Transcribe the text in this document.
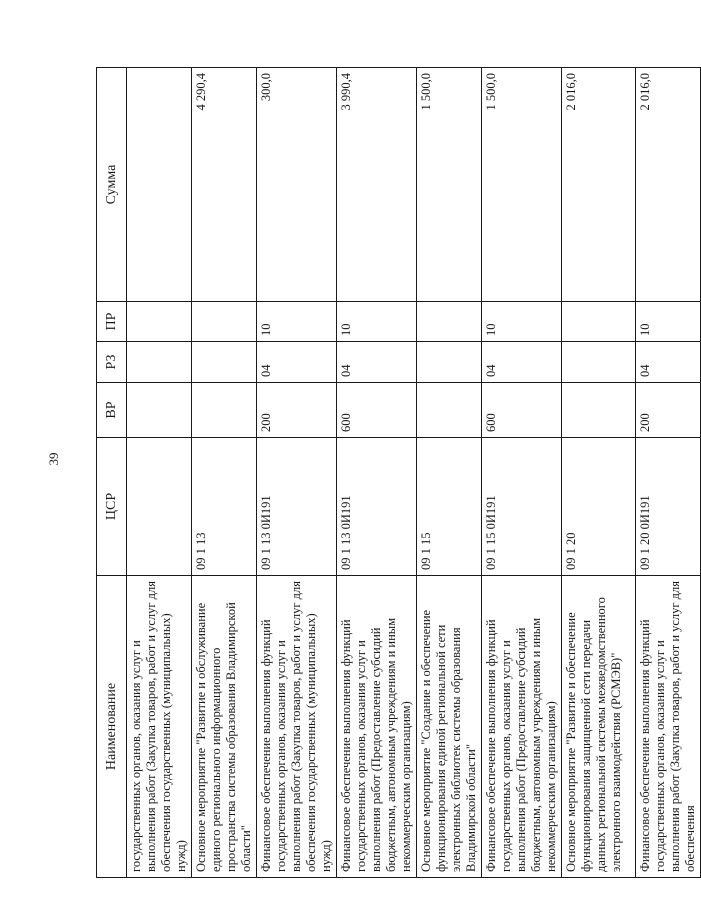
39
Наименование	ЦСР	ВР	РЗ	ПР	Сумма
государственных органов, оказания услуг и выполнения работ (Закупка товаров, работ и услуг для обеспечения государственных (муниципальных) нужд)					
Основное мероприятие "Развитие и обслуживание единого регионального информационного пространства системы образования Владимирской области"	09 1 13				4 290,4
Финансовое обеспечение выполнения функций государственных органов, оказания услуг и выполнения работ (Закупка товаров, работ и услуг для обеспечения государственных (муниципальных) нужд)	09 1 13 0И191	200	04	10	300,0
Финансовое обеспечение выполнения функций государственных органов, оказания услуг и выполнения работ (Предоставление субсидий бюджетным, автономным учреждениям и иным некоммерческим организациям)	09 1 13 0И191	600	04	10	3 990,4
Основное мероприятие "Создание и обеспечение функционирования единой региональной сети электронных библиотек системы образования Владимирской области"	09 1 15				1 500,0
Финансовое обеспечение выполнения функций государственных органов, оказания услуг и выполнения работ (Предоставление субсидий бюджетным, автономным учреждениям и иным некоммерческим организациям)	09 1 15 0И191	600	04	10	1 500,0
Основное мероприятие "Развитие и обеспечение функционирования защищенной сети передачи данных региональной системы межведомственного электронного взаимодействия (РСМЭВ)"	09 1 20				2 016,0
Финансовое обеспечение выполнения функций государственных органов, оказания услуг и выполнения работ (Закупка товаров, работ и услуг для обеспечения	09 1 20 0И191	200	04	10	2 016,0
